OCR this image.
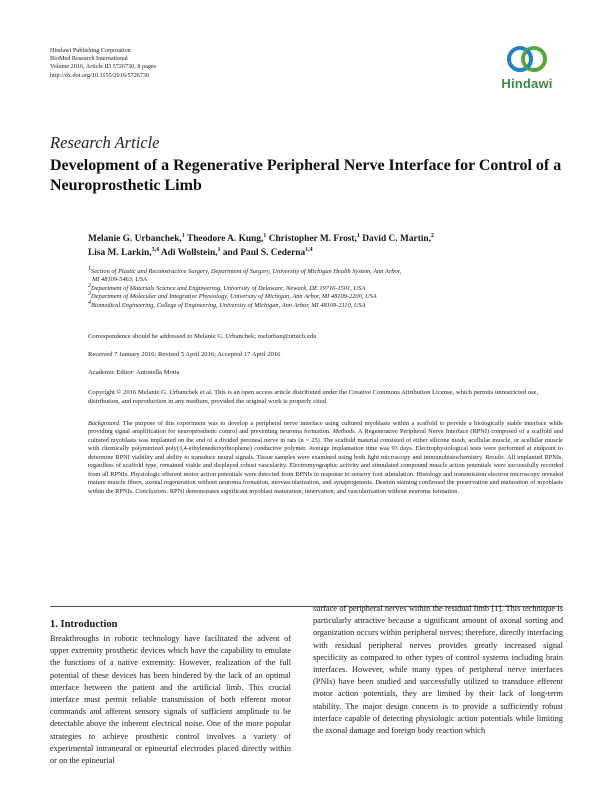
Hindawi Publishing Corporation
BioMed Research International
Volume 2016, Article ID 5726730, 8 pages
http://dx.doi.org/10.1155/2016/5726730
Hindawi
Research Article
Development of a Regenerative Peripheral Nerve Interface for Control of a Neuroprosthetic Limb
Melanie G. Urbanchek,$^1$ Theodore A. Kung,$^1$ Christopher M. Frost,$^1$ David C. Martin,$^2$
Lisa M. Larkin,$^{3,4}$ Adi Wollstein,$^1$ and Paul S. Cederna$^{1,4}$
$^1$Section of Plastic and Reconstructive Surgery, Department of Surgery, University of Michigan Health System, Ann Arbor,
MI 48109-5463, USA
$^2$Department of Materials Science and Engineering, University of Delaware, Newark, DE 19716-1501, USA
$^3$Department of Molecular and Integrative Physiology, University of Michigan, Ann Arbor, MI 48109-2200, USA
$^4$Biomedical Engineering, College of Engineering, University of Michigan, Ann Arbor, MI 48109-2110, USA
Correspondence should be addressed to Melanie G. Urbanchek; melurban@umich.edu
Received 7 January 2016; Revised 5 April 2016; Accepted 17 April 2016
Academic Editor: Antonella Motta
Copyright © 2016 Melanie G. Urbanchek et al. This is an open access article distributed under the Creative Commons Attribution License, which permits unrestricted use, distribution, and reproduction in any medium, provided the original work is properly cited.
Background. The purpose of this experiment was to develop a peripheral nerve interface using cultured myoblasts within a scaffold to provide a biologically stable interface while providing signal amplification for neuroprosthetic control and preventing neuroma formation. Methods. A Regenerative Peripheral Nerve Interface (RPNI) composed of a scaffold and cultured myoblasts was implanted on the end of a divided peroneal nerve in rats (n = 25). The scaffold material consisted of either silicone mesh, acellular muscle, or acellular muscle with chemically polymerized poly(3,4-ethylenedioxythiophene) conductive polymer. Average implantation time was 93 days. Electrophysiological tests were performed at endpoint to determine RPNI viability and ability to transduce neural signals. Tissue samples were examined using both light microscopy and immunohistochemistry. Results. All implanted RPNIs, regardless of scaffold type, remained viable and displayed robust vascularity. Electromyographic activity and stimulated compound muscle action potentials were successfully recorded from all RPNIs. Physiologic efferent motor action potentials were detected from RPNIs in response to sensory foot stimulation. Histology and transmission electron microscopy revealed mature muscle fibers, axonal regeneration without neuroma formation, neovascularization, and synaptogenesis. Desmin staining confirmed the preservation and maturation of myoblasts within the RPNIs. Conclusions. RPNI demonstrates significant myoblast maturation, innervation, and vascularization without neuroma formation.
1. Introduction
Breakthroughs in robotic technology have facilitated the advent of upper extremity prosthetic devices which have the capability to emulate the functions of a native extremity. However, realization of the full potential of these devices has been hindered by the lack of an optimal interface between the patient and the artificial limb. This crucial interface must permit reliable transmission of both efferent motor commands and afferent sensory signals of sufficient amplitude to be detectable above the inherent electrical noise. One of the more popular strategies to achieve prosthetic control involves a variety of experimental intraneural or epineurial electrodes placed directly within or on the epineurial
surface of peripheral nerves within the residual limb [1]. This technique is particularly attractive because a significant amount of axonal sorting and organization occurs within peripheral nerves; therefore, directly interfacing with residual peripheral nerves provides greatly increased signal specificity as compared to other types of control systems including brain interfaces. However, while many types of peripheral nerve interfaces (PNIs) have been studied and successfully utilized to transduce efferent motor action potentials, they are limited by their lack of long-term stability. The major design concern is to provide a sufficiently robust interface capable of detecting physiologic action potentials while limiting the axonal damage and foreign body reaction which
